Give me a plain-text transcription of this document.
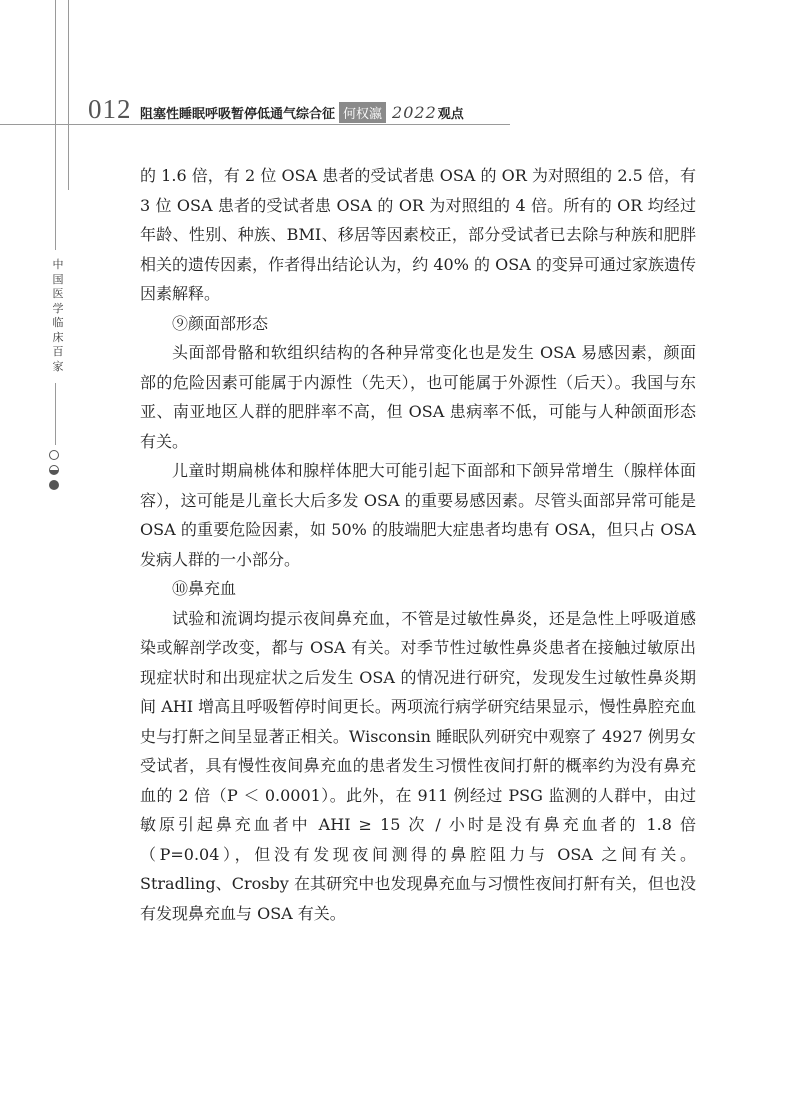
012 阻塞性睡眠呼吸暂停低通气综合征 何权瀛 2022 观点
中
国
医
学
临
床
百
家

的 1.6 倍，有 2 位 OSA 患者的受试者患 OSA 的 OR 为对照组的 2.5 倍，有 3 位 OSA 患者的受试者患 OSA 的 OR 为对照组的 4 倍。所有的 OR 均经过年龄、性别、种族、BMI、移居等因素校正，部分受试者已去除与种族和肥胖相关的遗传因素，作者得出结论认为，约 40% 的 OSA 的变异可通过家族遗传因素解释。

⑨颜面部形态

头面部骨骼和软组织结构的各种异常变化也是发生 OSA 易感因素，颜面部的危险因素可能属于内源性（先天），也可能属于外源性（后天）。我国与东亚、南亚地区人群的肥胖率不高，但 OSA 患病率不低，可能与人种颌面形态有关。

儿童时期扁桃体和腺样体肥大可能引起下面部和下颌异常增生（腺样体面容），这可能是儿童长大后多发 OSA 的重要易感因素。尽管头面部异常可能是 OSA 的重要危险因素，如 50% 的肢端肥大症患者均患有 OSA，但只占 OSA 发病人群的一小部分。

⑩鼻充血

试验和流调均提示夜间鼻充血，不管是过敏性鼻炎，还是急性上呼吸道感染或解剖学改变，都与 OSA 有关。对季节性过敏性鼻炎患者在接触过敏原出现症状时和出现症状之后发生 OSA 的情况进行研究，发现发生过敏性鼻炎期间 AHI 增高且呼吸暂停时间更长。两项流行病学研究结果显示，慢性鼻腔充血史与打鼾之间呈显著正相关。Wisconsin 睡眠队列研究中观察了 4927 例男女受试者，具有慢性夜间鼻充血的患者发生习惯性夜间打鼾的概率约为没有鼻充血的 2 倍（P ＜ 0.0001）。此外，在 911 例经过 PSG 监测的人群中，由过敏原引起鼻充血者中 AHI ≥ 15 次 / 小时是没有鼻充血者的 1.8 倍（P=0.04），但没有发现夜间测得的鼻腔阻力与 OSA 之间有关。Stradling、Crosby 在其研究中也发现鼻充血与习惯性夜间打鼾有关，但也没有发现鼻充血与 OSA 有关。
